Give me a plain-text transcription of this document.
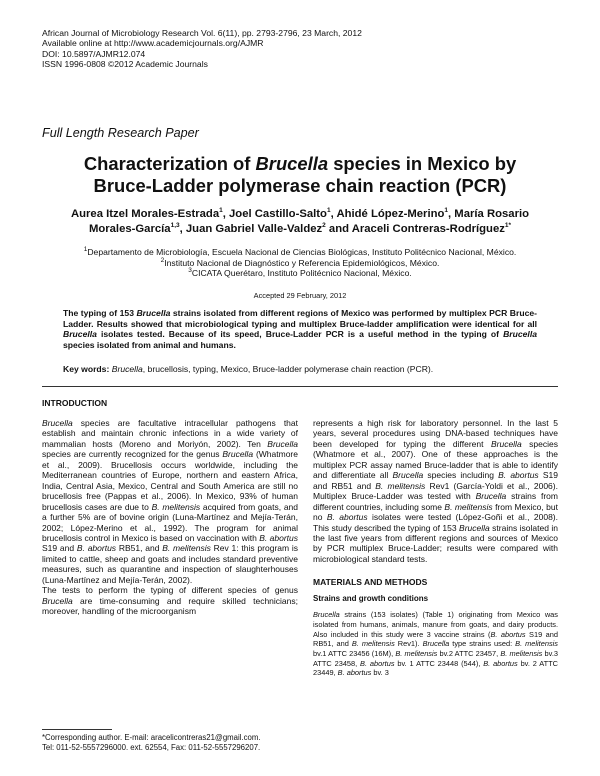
African Journal of Microbiology Research Vol. 6(11), pp. 2793-2796, 23 March, 2012
Available online at http://www.academicjournals.org/AJMR
DOI: 10.5897/AJMR12.074
ISSN 1996-0808 ©2012 Academic Journals
Full Length Research Paper
Characterization of Brucella species in Mexico by
Bruce-Ladder polymerase chain reaction (PCR)
Aurea Itzel Morales-Estrada$^1$, Joel Castillo-Salto$^1$, Ahidé López-Merino$^1$, María Rosario
Morales-García$^{1,3}$, Juan Gabriel Valle-Valdez$^2$ and Araceli Contreras-Rodríguez$^{1*}$
$^1$Departamento de Microbiología, Escuela Nacional de Ciencias Biológicas, Instituto Politécnico Nacional, México.
$^2$Instituto Nacional de Diagnóstico y Referencia Epidemiológicos, México.
$^3$CICATA Querétaro, Instituto Politécnico Nacional, México.
Accepted 29 February, 2012
The typing of 153 Brucella strains isolated from different regions of Mexico was performed by multiplex PCR Bruce-Ladder. Results showed that microbiological typing and multiplex Bruce-ladder amplification were identical for all Brucella isolates tested. Because of its speed, Bruce-Ladder PCR is a useful method in the typing of Brucella species isolated from animal and humans.
Key words: Brucella, brucellosis, typing, Mexico, Bruce-ladder polymerase chain reaction (PCR).

INTRODUCTION

Brucella species are facultative intracellular pathogens that establish and maintain chronic infections in a wide variety of mammalian hosts (Moreno and Moriyón, 2002). Ten Brucella species are currently recognized for the genus Brucella (Whatmore et al., 2009). Brucellosis occurs worldwide, including the Mediterranean countries of Europe, northern and eastern Africa, India, Central Asia, Mexico, Central and South America are still no brucellosis free (Pappas et al., 2006). In Mexico, 93% of human brucellosis cases are due to B. melitensis acquired from goats, and a further 5% are of bovine origin (Luna-Martínez and Mejía-Terán, 2002; López-Merino et al., 1992). The program for animal brucellosis control in Mexico is based on vaccination with B. abortus S19 and B. abortus RB51, and B. melitensis Rev 1: this program is limited to cattle, sheep and goats and includes standard preventive measures, such as quarantine and inspection of slaughterhouses (Luna-Martínez and Mejía-Terán, 2002).

The tests to perform the typing of different species of genus Brucella are time-consuming and require skilled technicians; moreover, handling of the microorganism

represents a high risk for laboratory personnel. In the last 5 years, several procedures using DNA-based techniques have been developed for typing the different Brucella species (Whatmore et al., 2007). One of these approaches is the multiplex PCR assay named Bruce-ladder that is able to identify and differentiate all Brucella species including B. abortus S19 and RB51 and B. melitensis Rev1 (García-Yoldi et al., 2006). Multiplex Bruce-Ladder was tested with Brucella strains from different countries, including some B. melitensis from Mexico, but no B. abortus isolates were tested (López-Goñi et al., 2008). This study described the typing of 153 Brucella strains isolated in the last five years from different regions and sources of Mexico by PCR multiplex Bruce-Ladder; results were compared with microbiological standard tests.

MATERIALS AND METHODS

Strains and growth conditions

Brucella strains (153 isolates) (Table 1) originating from Mexico was isolated from humans, animals, manure from goats, and dairy products. Also included in this study were 3 vaccine strains (B. abortus S19 and RB51, and B. melitensis Rev1). Brucella type strains used: B. melitensis bv.1 ATTC 23456 (16M), B. melitensis bv.2 ATTC 23457, B. melitensis bv.3 ATTC 23458, B. abortus bv. 1 ATTC 23448 (544), B. abortus bv. 2 ATTC 23449, B. abortus bv. 3

*Corresponding author. E-mail: aracelicontreras21@gmail.com.
Tel: 011-52-5557296000. ext. 62554, Fax: 011-52-5557296207.
